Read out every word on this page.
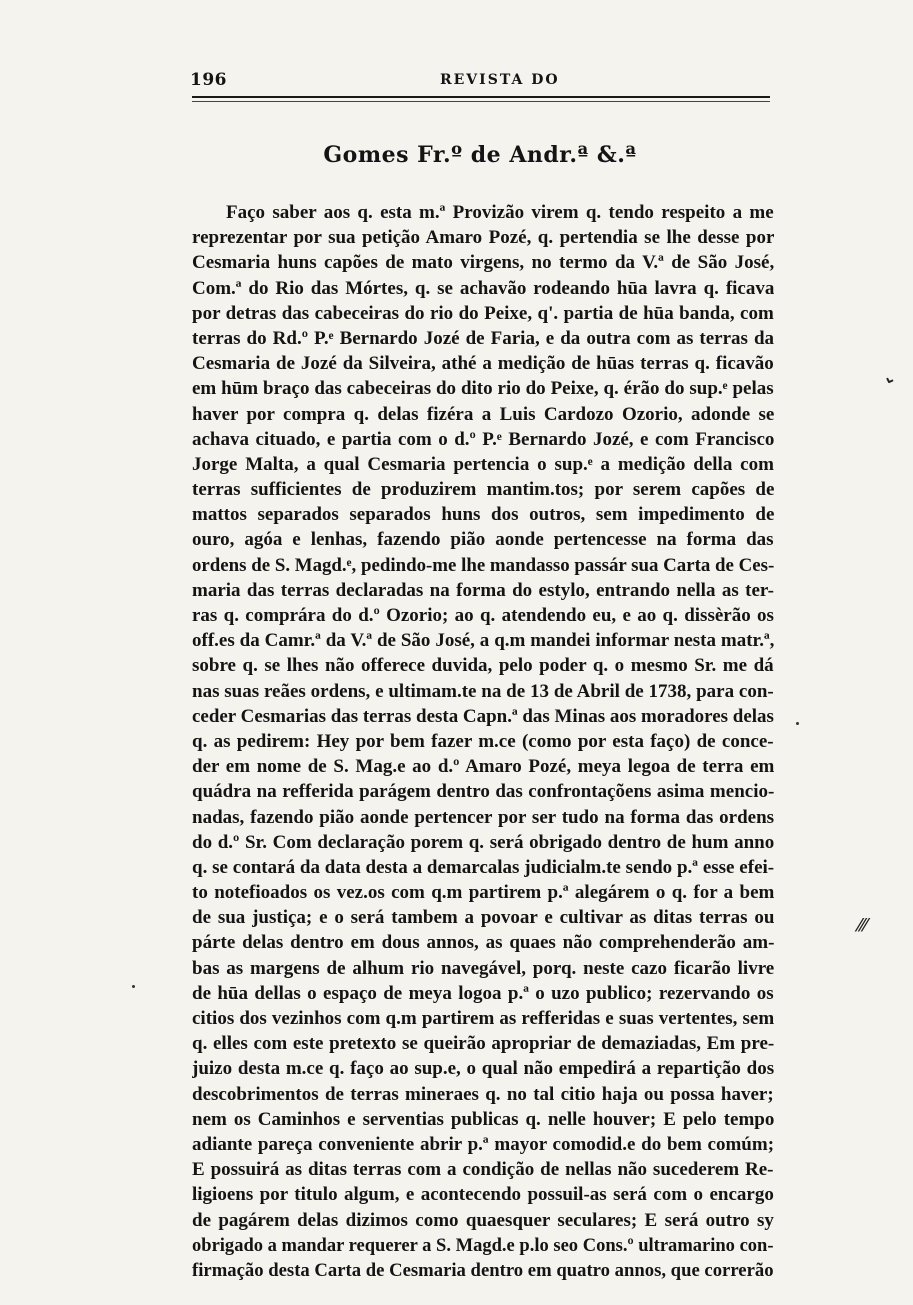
196	REVISTA DO
Gomes Fr.º de Andr.ª &.ª
Faço saber aos q. esta m.ª Provizão virem q. tendo respeito a me
reprezentar por sua petição Amaro Pozé, q. pertendia se lhe desse por
Cesmaria huns capões de mato virgens, no termo da V.ª de São José,
Com.ª do Rio das Mórtes, q. se achavão rodeando hūa lavra q. ficava
por detras das cabeceiras do rio do Peixe, q'. partia de hūa banda, com
terras do Rd.º P.ᵉ Bernardo Jozé de Faria, e da outra com as terras da
Cesmaria de Jozé da Silveira, athé a medição de hūas terras q. ficavão
em hūm braço das cabeceiras do dito rio do Peixe, q. érão do sup.ᵉ pelas
haver por compra q. delas fizéra a Luis Cardozo Ozorio, adonde se
achava cituado, e partia com o d.º P.ᵉ Bernardo Jozé, e com Francisco
Jorge Malta, a qual Cesmaria pertencia o sup.ᵉ a medição della com
terras sufficientes de produzirem mantim.tos; por serem capões de
mattos separados separados huns dos outros, sem impedimento de
ouro, agóa e lenhas, fazendo pião aonde pertencesse na forma das
ordens de S. Magd.ᵉ, pedindo-me lhe mandasso passár sua Carta de Ces-
maria das terras declaradas na forma do estylo, entrando nella as ter-
ras q. comprára do d.º Ozorio; ao q. atendendo eu, e ao q. dissèrão os
off.es da Camr.ª da V.ª de São José, a q.m mandei informar nesta matr.ª,
sobre q. se lhes não offerece duvida, pelo poder q. o mesmo Sr. me dá
nas suas reães ordens, e ultimam.te na de 13 de Abril de 1738, para con-
ceder Cesmarias das terras desta Capn.ª das Minas aos moradores delas
q. as pedirem: Hey por bem fazer m.ce (como por esta faço) de conce-
der em nome de S. Mag.e ao d.º Amaro Pozé, meya legoa de terra em
quádra na refferida parágem dentro das confrontaçõens asima mencio-
nadas, fazendo pião aonde pertencer por ser tudo na forma das ordens
do d.º Sr. Com declaração porem q. será obrigado dentro de hum anno
q. se contará da data desta a demarcalas judicialm.te sendo p.ª esse efei-
to notefioados os vez.os com q.m partirem p.ª alegárem o q. for a bem
de sua justiça; e o será tambem a povoar e cultivar as ditas terras ou
párte delas dentro em dous annos, as quaes não comprehenderão am-
bas as margens de alhum rio navegável, porq. neste cazo ficarão livre
de hūa dellas o espaço de meya logoa p.ª o uzo publico; rezervando os
citios dos vezinhos com q.m partirem as refferidas e suas vertentes, sem
q. elles com este pretexto se queirão apropriar de demaziadas, Em pre-
juizo desta m.ce q. faço ao sup.e, o qual não empedirá a repartição dos
descobrimentos de terras mineraes q. no tal citio haja ou possa haver;
nem os Caminhos e serventias publicas q. nelle houver; E pelo tempo
adiante pareça conveniente abrir p.ª mayor comodid.e do bem comúm;
E possuirá as ditas terras com a condição de nellas não sucederem Re-
ligioens por titulo algum, e acontecendo possuil-as será com o encargo
de pagárem delas dizimos como quaesquer seculares; E será outro sy
obrigado a mandar requerer a S. Magd.e p.lo seo Cons.º ultramarino con-
firmação desta Carta de Cesmaria dentro em quatro annos, que correrão
⌄
⁄⁄⁄
